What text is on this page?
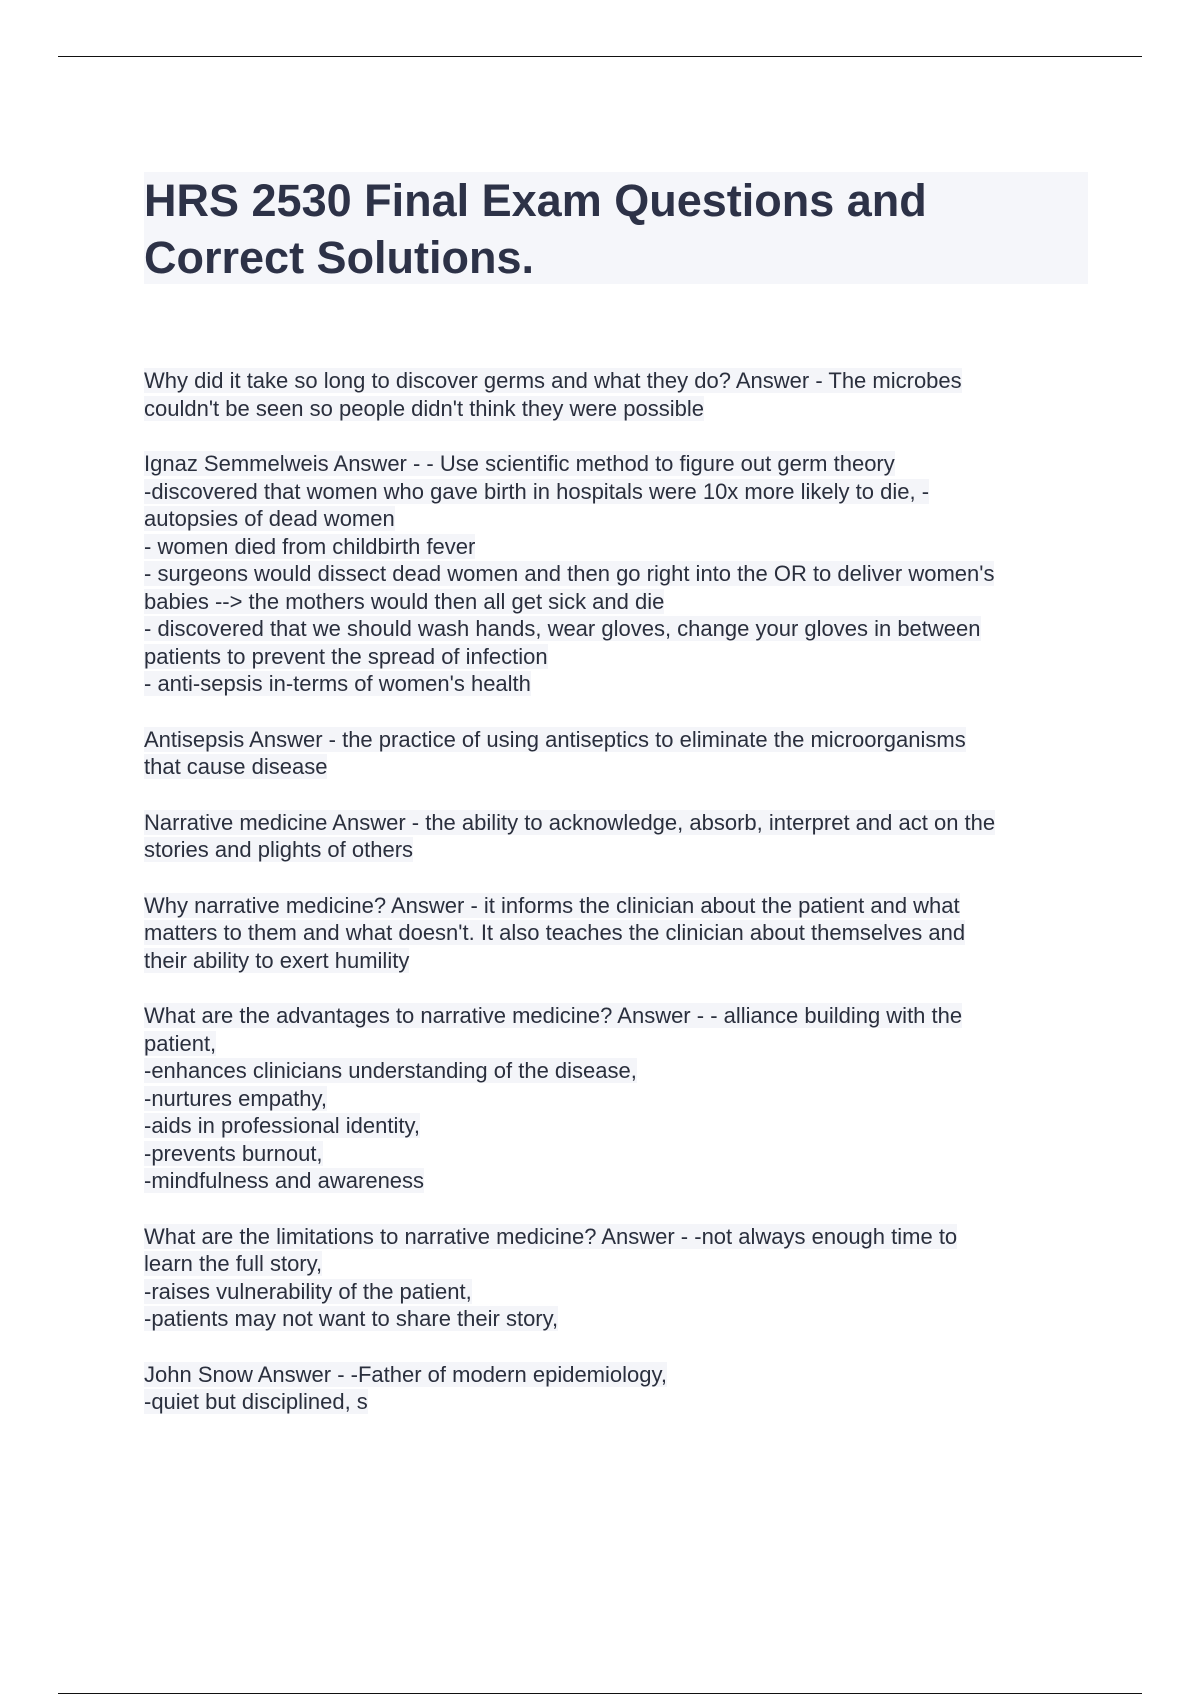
HRS 2530 Final Exam Questions and
Correct Solutions.
Why did it take so long to discover germs and what they do? Answer - The microbes
couldn't be seen so people didn't think they were possible
Ignaz Semmelweis Answer - - Use scientific method to figure out germ theory
-discovered that women who gave birth in hospitals were 10x more likely to die, -
autopsies of dead women
- women died from childbirth fever
- surgeons would dissect dead women and then go right into the OR to deliver women's
babies --> the mothers would then all get sick and die
- discovered that we should wash hands, wear gloves, change your gloves in between
patients to prevent the spread of infection
- anti-sepsis in-terms of women's health
Antisepsis Answer - the practice of using antiseptics to eliminate the microorganisms
that cause disease
Narrative medicine Answer - the ability to acknowledge, absorb, interpret and act on the
stories and plights of others
Why narrative medicine? Answer - it informs the clinician about the patient and what
matters to them and what doesn't. It also teaches the clinician about themselves and
their ability to exert humility
What are the advantages to narrative medicine? Answer - - alliance building with the
patient,
-enhances clinicians understanding of the disease,
-nurtures empathy,
-aids in professional identity,
-prevents burnout,
-mindfulness and awareness
What are the limitations to narrative medicine? Answer - -not always enough time to
learn the full story,
-raises vulnerability of the patient,
-patients may not want to share their story,
John Snow Answer - -Father of modern epidemiology,
-quiet but disciplined, s
